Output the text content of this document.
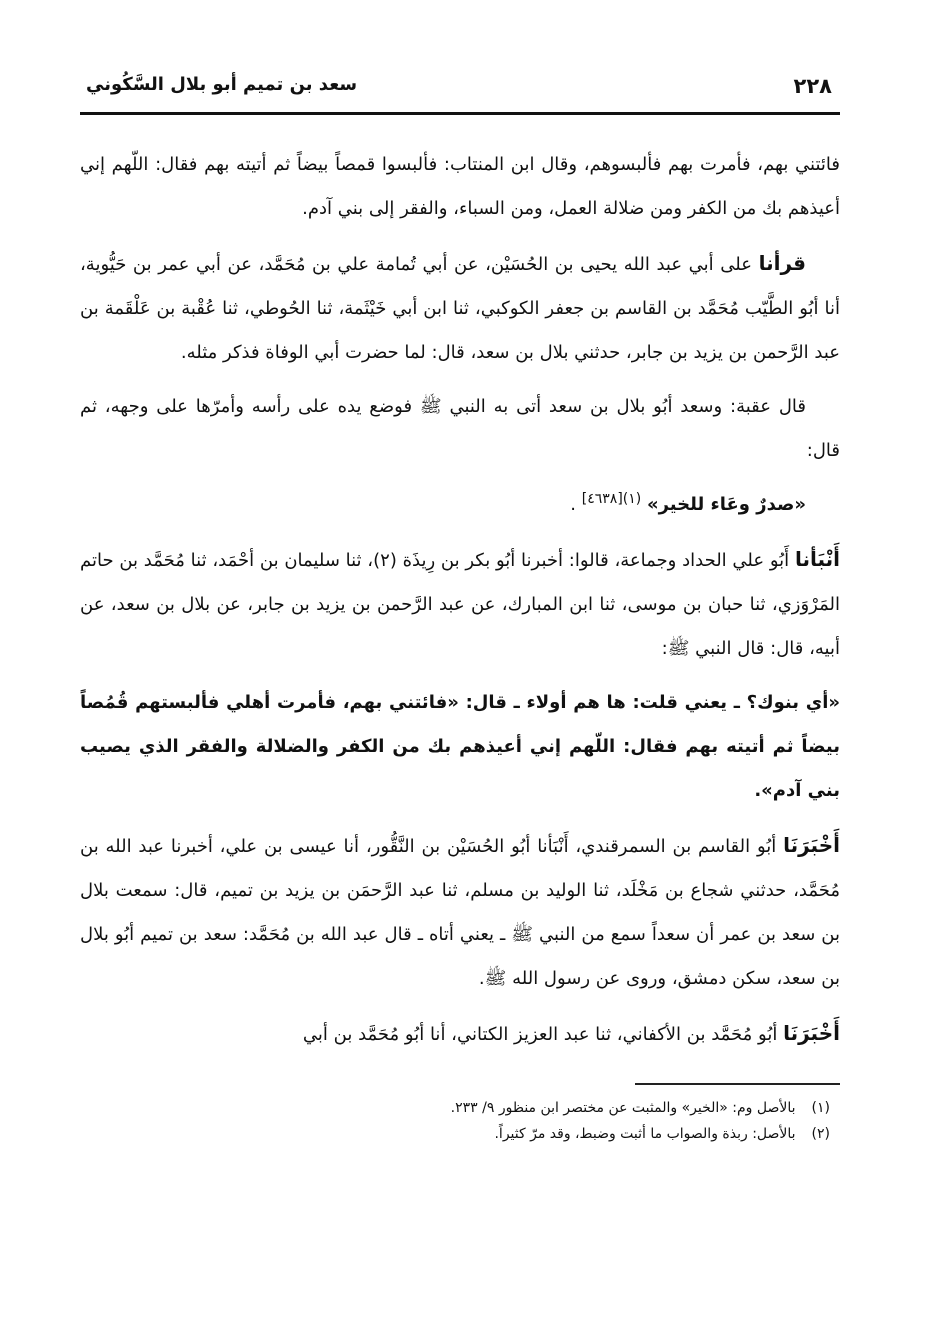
٢٢٨
سعد بن تميم أبو بلال السَّكُوني

فائتني بهم، فأمرت بهم فألبسوهم، وقال ابن المنتاب: فألبسوا قمصاً بيضاً ثم أتيته بهم فقال: اللّهم إني أعيذهم بك من الكفر ومن ضلالة العمل، ومن السباء، والفقر إلى بني آدم.

قرأنا على أبي عبد الله يحيى بن الحُسَيْن، عن أبي تُمامة علي بن مُحَمَّد، عن أبي عمر بن حَيُّوية، أنا أبُو الطَّيّب مُحَمَّد بن القاسم بن جعفر الكوكبي، ثنا ابن أبي خَيْثَمة، ثنا الحُوطي، ثنا عُقْبة بن عَلْقَمة بن عبد الرَّحمن بن يزيد بن جابر، حدثني بلال بن سعد، قال: لما حضرت أبي الوفاة فذكر مثله.

قال عقبة: وسعد أبُو بلال بن سعد أتى به النبي ﷺ فوضع يده على رأسه وأمرّها على وجهه، ثم قال:

«صدرٌ وعَاء للخير» $^{(١)[٤٦٣٨]}$ .

أَنْبَأنا أَبُو علي الحداد وجماعة، قالوا: أخبرنا أبُو بكر بن رِيذَة (٢)، ثنا سليمان بن أحْمَد، ثنا مُحَمَّد بن حاتم المَرْوَزي، ثنا حبان بن موسى، ثنا ابن المبارك، عن عبد الرَّحمن بن يزيد بن جابر، عن بلال بن سعد، عن أبيه، قال: قال النبي ﷺ:

«أي بنوك؟ ـ يعني قلت: ها هم أولاء ـ قال: «فائتني بهم، فأمرت أهلي فألبستهم قُمُصاً بيضاً ثم أتيته بهم فقال: اللّهم إني أعيذهم بك من الكفر والضلالة والفقر الذي يصيب بني آدم».

أَخْبَرَنَا أبُو القاسم بن السمرقندي، أَنْبَأنا أبُو الحُسَيْن بن النَّقُّور، أنا عيسى بن علي، أخبرنا عبد الله بن مُحَمَّد، حدثني شجاع بن مَخْلَد، ثنا الوليد بن مسلم، ثنا عبد الرَّحمَن بن يزيد بن تميم، قال: سمعت بلال بن سعد بن عمر أن سعداً سمع من النبي ﷺ ـ يعني أتاه ـ قال عبد الله بن مُحَمَّد: سعد بن تميم أبُو بلال بن سعد، سكن دمشق، وروى عن رسول الله ﷺ.

أَخْبَرَنَا أبُو مُحَمَّد بن الأكفاني، ثنا عبد العزيز الكتاني، أنا أبُو مُحَمَّد بن أبي

(١) بالأصل وم: «الخير» والمثبت عن مختصر ابن منظور ٩/ ٢٣٣.

(٢) بالأصل: ربذة والصواب ما أثبت وضبط، وقد مرّ كثيراً.
